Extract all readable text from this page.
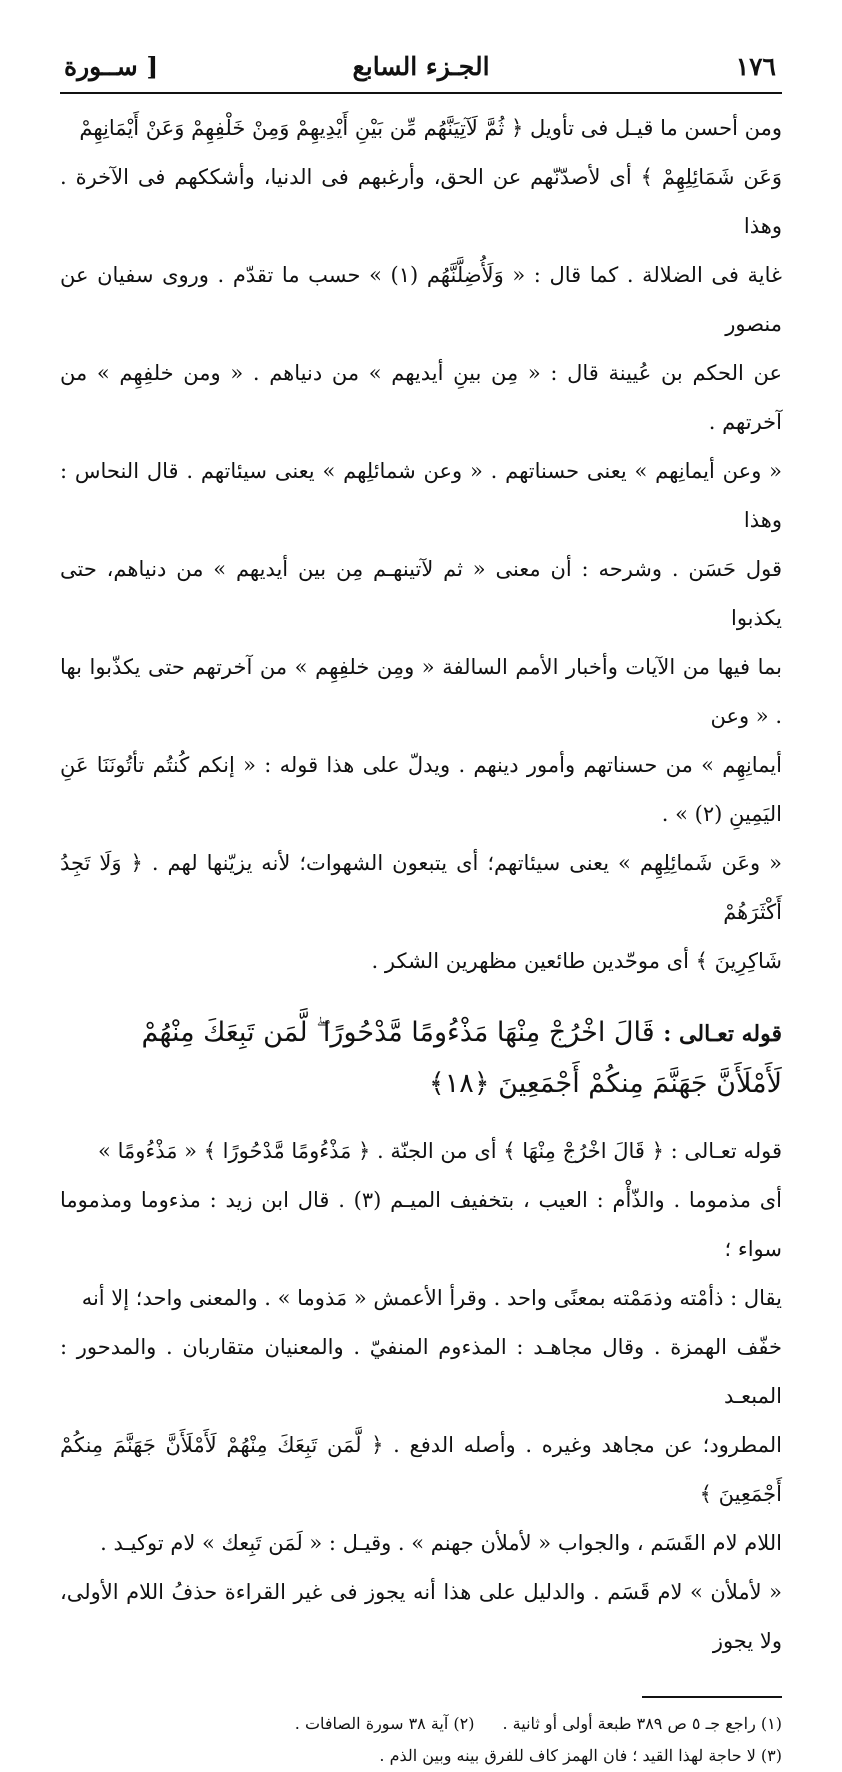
١٧٦
الجـزء السابع
[ ســورة

ومن أحسن ما قيـل فى تأويل ﴿ ثُمَّ لَآتِيَنَّهُم مِّن بَيْنِ أَيْدِيهِمْ وَمِنْ خَلْفِهِمْ وَعَنْ أَيْمَانِهِمْ

وَعَن شَمَائِلِهِمْ ﴾ أى لأصدّنّهم عن الحق، وأرغبهم فى الدنيا، وأشككهم فى الآخرة . وهذا

غاية فى الضلالة . كما قال : « وَلَأُضِلَّنَّهُم (١) » حسب ما تقدّم . وروى سفيان عن منصور

عن الحكم بن عُيينة قال : « مِن بينِ أيديهم » من دنياهم . « ومن خلفِهِم » من آخرتهم .

« وعن أيمانِهم » يعنى حسناتهم . « وعن شمائلِهم » يعنى سيئاتهم . قال النحاس : وهذا

قول حَسَن . وشرحه : أن معنى « ثم لآتينهـم مِن بين أيديهم » من دنياهم، حتى يكذبوا

بما فيها من الآيات وأخبار الأمم السالفة « ومِن خلفِهِم » من آخرتهم حتى يكذّبوا بها . « وعن

أيمانِهِم » من حسناتهم وأمور دينهم . ويدلّ على هذا قوله : « إنكم كُنتُم تأتُونَنَا عَنِ اليَمِينِ (٢) » .

« وعَن شَمائِلِهِم » يعنى سيئاتهم؛ أى يتبعون الشهوات؛ لأنه يزيّنها لهم . ﴿ وَلَا تَجِدُ أَكْثَرَهُمْ

شَاكِرِينَ ﴾ أى موحّدين طائعين مظهرين الشكر .

قوله تعـالى : قَالَ اخْرُجْ مِنْهَا مَذْءُومًا مَّدْحُورًا ۖ لَّمَن تَبِعَكَ مِنْهُمْ

لَأَمْلَأَنَّ جَهَنَّمَ مِنكُمْ أَجْمَعِينَ ﴿١٨﴾

قوله تعـالى : ﴿ قَالَ اخْرُجْ مِنْهَا ﴾ أى من الجنّة . ﴿ مَذْءُومًا مَّدْحُورًا ﴾ « مَذْءُومًا »

أى مذموما . والذّأْم : العيب ، بتخفيف الميـم (٣) . قال ابن زيد : مذءوما ومذموما سواء ؛

يقال : ذأمْته وذمَمْته بمعنًى واحد . وقرأ الأعمش « مَذوما » . والمعنى واحد؛ إلا أنه

خفّف الهمزة . وقال مجاهـد : المذءوم المنفيّ . والمعنيان متقاربان . والمدحور : المبعـد

المطرود؛ عن مجاهد وغيره . وأصله الدفع . ﴿ لَّمَن تَبِعَكَ مِنْهُمْ لَأَمْلَأَنَّ جَهَنَّمَ مِنكُمْ أَجْمَعِينَ ﴾

اللام لام القَسَم ، والجواب « لأملأن جهنم » . وقيـل : « لَمَن تَبِعك » لام توكيـد .

« لأملأن » لام قَسَم . والدليل على هذا أنه يجوز فى غير القراءة حذفُ اللام الأولى، ولا يجوز

(١) راجع جـ ٥ ص ٣٨٩ طبعة أولى أو ثانية .(٢) آية ٣٨ سورة الصافات .
(٣) لا حاجة لهذا القيد ؛ فان الهمز كاف للفرق بينه وبين الذم .
